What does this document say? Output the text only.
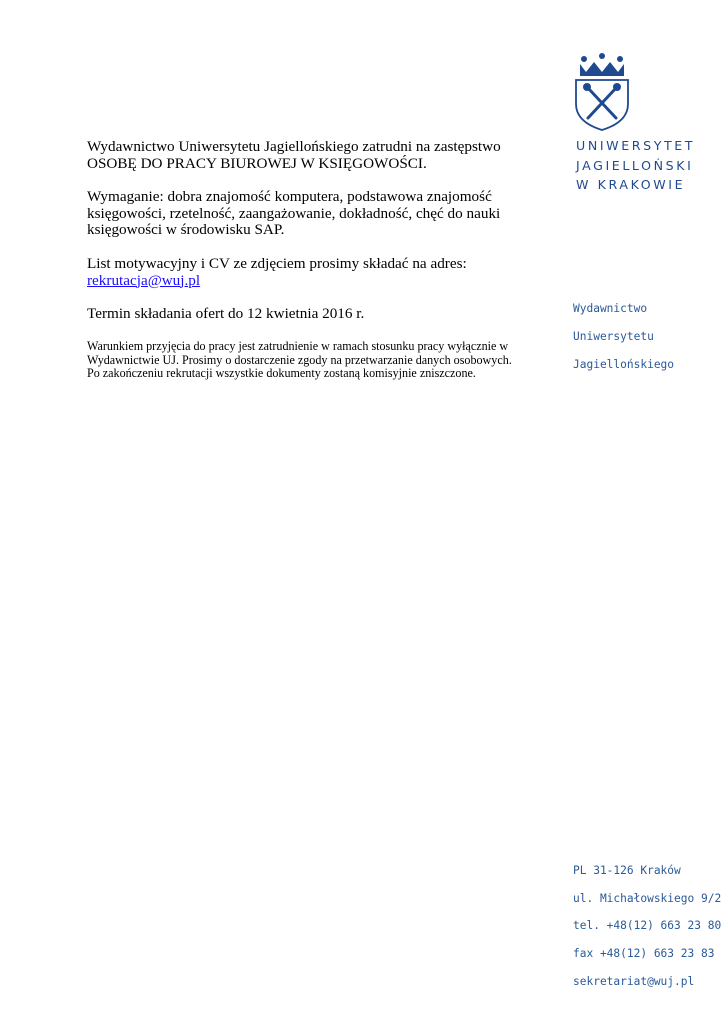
Wydawnictwo Uniwersytetu Jagiellońskiego zatrudni na zastępstwo

OSOBĘ DO PRACY BIUROWEJ W KSIĘGOWOŚCI.

Wymaganie: dobra znajomość komputera, podstawowa znajomość

księgowości, rzetelność, zaangażowanie, dokładność, chęć do nauki

księgowości w środowisku SAP.

List motywacyjny i CV ze zdjęciem prosimy składać na adres:

rekrutacja@wuj.pl

Termin składania ofert do 12 kwietnia 2016 r.

Warunkiem przyjęcia do pracy jest zatrudnienie w ramach stosunku pracy wyłącznie w

Wydawnictwie UJ. Prosimy o dostarczenie zgody na przetwarzanie danych osobowych.

Po zakończeniu rekrutacji wszystkie dokumenty zostaną komisyjnie zniszczone.

UNIWERSYTET
JAGIELLOŃSKI
W KRAKOWIE
Wydawnictwo
Uniwersytetu
Jagiellońskiego
PL 31-126 Kraków
ul. Michałowskiego 9/2
tel. +48(12) 663 23 80
fax +48(12) 663 23 83
sekretariat@wuj.pl
